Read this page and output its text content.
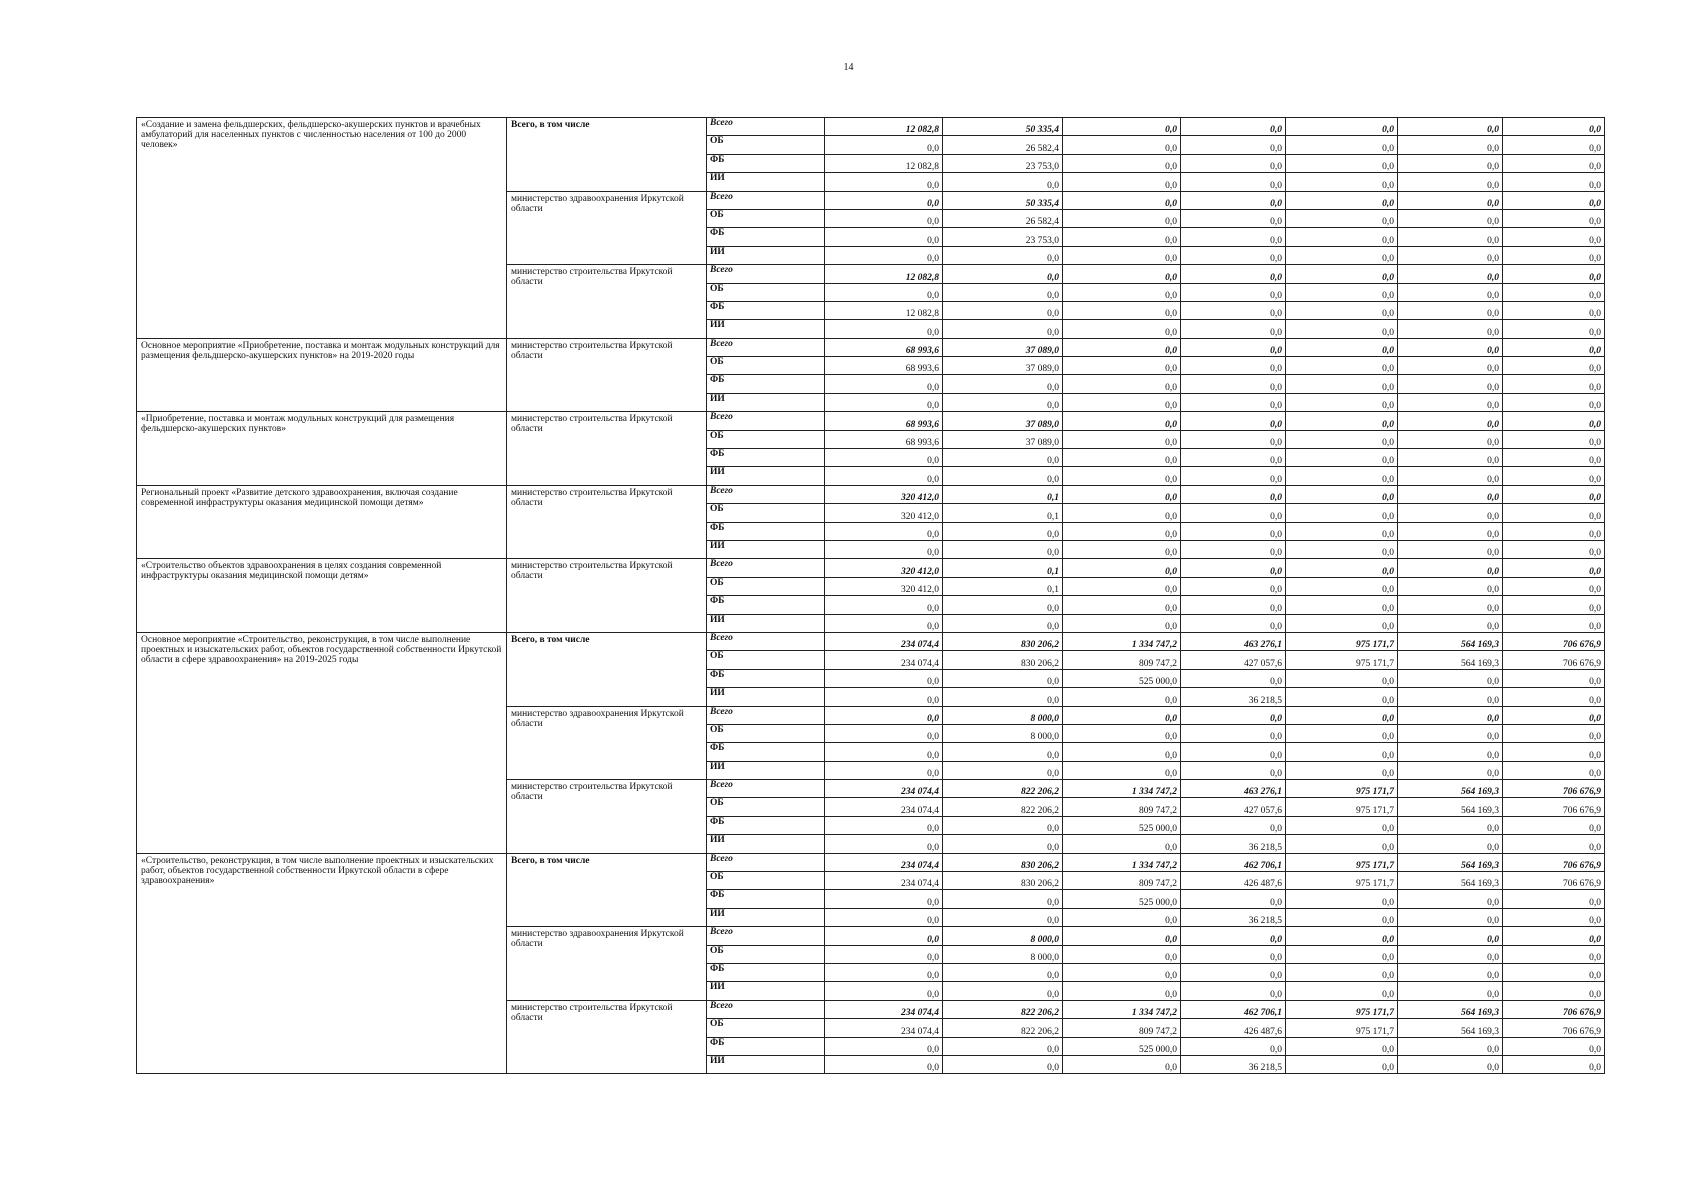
14
«Создание и замена фельдшерских, фельдшерско-акушерских пунктов и врачебных амбулаторий для населенных пунктов с численностью населения от 100 до 2000 человек»	Всего, в том числе	Всего	12 082,8	50 335,4	0,0	0,0	0,0	0,0	0,0
		ОБ	0,0	26 582,4	0,0	0,0	0,0	0,0	0,0
		ФБ	12 082,8	23 753,0	0,0	0,0	0,0	0,0	0,0
		ИИ	0,0	0,0	0,0	0,0	0,0	0,0	0,0
	министерство здравоохранения Иркутской области	Всего	0,0	50 335,4	0,0	0,0	0,0	0,0	0,0
		ОБ	0,0	26 582,4	0,0	0,0	0,0	0,0	0,0
		ФБ	0,0	23 753,0	0,0	0,0	0,0	0,0	0,0
		ИИ	0,0	0,0	0,0	0,0	0,0	0,0	0,0
	министерство строительства Иркутской области	Всего	12 082,8	0,0	0,0	0,0	0,0	0,0	0,0
		ОБ	0,0	0,0	0,0	0,0	0,0	0,0	0,0
		ФБ	12 082,8	0,0	0,0	0,0	0,0	0,0	0,0
		ИИ	0,0	0,0	0,0	0,0	0,0	0,0	0,0
Основное мероприятие «Приобретение, поставка и монтаж модульных конструкций для размещения фельдшерско-акушерских пунктов» на 2019-2020 годы	министерство строительства Иркутской области	Всего	68 993,6	37 089,0	0,0	0,0	0,0	0,0	0,0
		ОБ	68 993,6	37 089,0	0,0	0,0	0,0	0,0	0,0
		ФБ	0,0	0,0	0,0	0,0	0,0	0,0	0,0
		ИИ	0,0	0,0	0,0	0,0	0,0	0,0	0,0
«Приобретение, поставка и монтаж модульных конструкций для размещения фельдшерско-акушерских пунктов»	министерство строительства Иркутской области	Всего	68 993,6	37 089,0	0,0	0,0	0,0	0,0	0,0
		ОБ	68 993,6	37 089,0	0,0	0,0	0,0	0,0	0,0
		ФБ	0,0	0,0	0,0	0,0	0,0	0,0	0,0
		ИИ	0,0	0,0	0,0	0,0	0,0	0,0	0,0
Региональный проект «Развитие детского здравоохранения, включая создание современной инфраструктуры оказания медицинской помощи детям»	министерство строительства Иркутской области	Всего	320 412,0	0,1	0,0	0,0	0,0	0,0	0,0
		ОБ	320 412,0	0,1	0,0	0,0	0,0	0,0	0,0
		ФБ	0,0	0,0	0,0	0,0	0,0	0,0	0,0
		ИИ	0,0	0,0	0,0	0,0	0,0	0,0	0,0
«Строительство объектов здравоохранения в целях создания современной инфраструктуры оказания медицинской помощи детям»	министерство строительства Иркутской области	Всего	320 412,0	0,1	0,0	0,0	0,0	0,0	0,0
		ОБ	320 412,0	0,1	0,0	0,0	0,0	0,0	0,0
		ФБ	0,0	0,0	0,0	0,0	0,0	0,0	0,0
		ИИ	0,0	0,0	0,0	0,0	0,0	0,0	0,0
Основное мероприятие «Строительство, реконструкция, в том числе выполнение проектных и изыскательских работ, объектов государственной собственности Иркутской области в сфере здравоохранения» на 2019-2025 годы	Всего, в том числе	Всего	234 074,4	830 206,2	1 334 747,2	463 276,1	975 171,7	564 169,3	706 676,9
		ОБ	234 074,4	830 206,2	809 747,2	427 057,6	975 171,7	564 169,3	706 676,9
		ФБ	0,0	0,0	525 000,0	0,0	0,0	0,0	0,0
		ИИ	0,0	0,0	0,0	36 218,5	0,0	0,0	0,0
	министерство здравоохранения Иркутской области	Всего	0,0	8 000,0	0,0	0,0	0,0	0,0	0,0
		ОБ	0,0	8 000,0	0,0	0,0	0,0	0,0	0,0
		ФБ	0,0	0,0	0,0	0,0	0,0	0,0	0,0
		ИИ	0,0	0,0	0,0	0,0	0,0	0,0	0,0
	министерство строительства Иркутской области	Всего	234 074,4	822 206,2	1 334 747,2	463 276,1	975 171,7	564 169,3	706 676,9
		ОБ	234 074,4	822 206,2	809 747,2	427 057,6	975 171,7	564 169,3	706 676,9
		ФБ	0,0	0,0	525 000,0	0,0	0,0	0,0	0,0
		ИИ	0,0	0,0	0,0	36 218,5	0,0	0,0	0,0
«Строительство, реконструкция, в том числе выполнение проектных и изыскательских работ, объектов государственной собственности Иркутской области в сфере здравоохранения»	Всего, в том числе	Всего	234 074,4	830 206,2	1 334 747,2	462 706,1	975 171,7	564 169,3	706 676,9
		ОБ	234 074,4	830 206,2	809 747,2	426 487,6	975 171,7	564 169,3	706 676,9
		ФБ	0,0	0,0	525 000,0	0,0	0,0	0,0	0,0
		ИИ	0,0	0,0	0,0	36 218,5	0,0	0,0	0,0
	министерство здравоохранения Иркутской области	Всего	0,0	8 000,0	0,0	0,0	0,0	0,0	0,0
		ОБ	0,0	8 000,0	0,0	0,0	0,0	0,0	0,0
		ФБ	0,0	0,0	0,0	0,0	0,0	0,0	0,0
		ИИ	0,0	0,0	0,0	0,0	0,0	0,0	0,0
	министерство строительства Иркутской области	Всего	234 074,4	822 206,2	1 334 747,2	462 706,1	975 171,7	564 169,3	706 676,9
		ОБ	234 074,4	822 206,2	809 747,2	426 487,6	975 171,7	564 169,3	706 676,9
		ФБ	0,0	0,0	525 000,0	0,0	0,0	0,0	0,0
		ИИ	0,0	0,0	0,0	36 218,5	0,0	0,0	0,0
